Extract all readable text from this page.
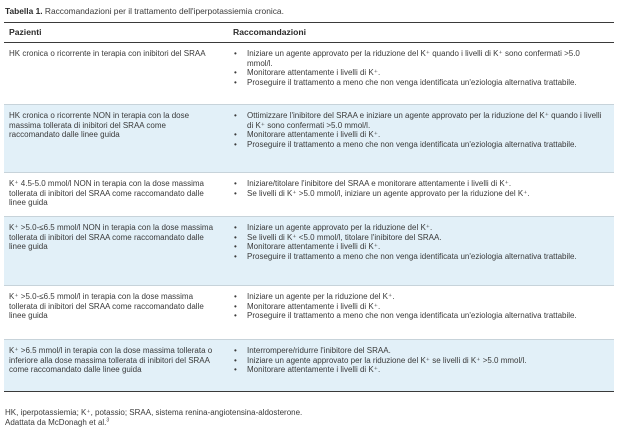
Tabella 1. Raccomandazioni per il trattamento dell'iperpotassiemia cronica.
Pazienti	Raccomandazioni
HK cronica o ricorrente in terapia con inibitori del SRAA	• Iniziare un agente approvato per la riduzione del K⁺ quando i livelli di K⁺ sono confermati >5.0 mmol/l.
• Monitorare attentamente i livelli di K⁺.
• Proseguire il trattamento a meno che non venga identificata un'eziologia alternativa trattabile.
HK cronica o ricorrente NON in terapia con la dose massima tollerata di inibitori del SRAA come raccomandato dalle linee guida
• Ottimizzare l'inibitore del SRAA e iniziare un agente approvato per la riduzione del K⁺ quando i livelli di K⁺ sono confermati >5.0 mmol/l.
• Monitorare attentamente i livelli di K⁺.
• Proseguire il trattamento a meno che non venga identificata un'eziologia alternativa trattabile.
K⁺ 4.5-5.0 mmol/l NON in terapia con la dose massima tollerata di inibitori del SRAA come raccomandato dalle linee guida
• Iniziare/titolare l'inibitore del SRAA e monitorare attentamente i livelli di K⁺.
• Se livelli di K⁺ >5.0 mmol/l, iniziare un agente approvato per la riduzione del K⁺.
K⁺ >5.0-≤6.5 mmol/l NON in terapia con la dose massima tollerata di inibitori del SRAA come raccomandato dalle linee guida
• Iniziare un agente approvato per la riduzione del K⁺.
• Se livelli di K⁺ <5.0 mmol/l, titolare l'inibitore del SRAA.
• Monitorare attentamente i livelli di K⁺.
• Proseguire il trattamento a meno che non venga identificata un'eziologia alternativa trattabile.
K⁺ >5.0-≤6.5 mmol/l in terapia con la dose massima tollerata di inibitori del SRAA come raccomandato dalle linee guida
• Iniziare un agente per la riduzione del K⁺.
• Monitorare attentamente i livelli di K⁺.
• Proseguire il trattamento a meno che non venga identificata un'eziologia alternativa trattabile.
K⁺ >6.5 mmol/l in terapia con la dose massima tollerata o inferiore alla dose massima tollerata di inibitori del SRAA come raccomandato dalle linee guida
• Interrompere/ridurre l'inibitore del SRAA.
• Iniziare un agente approvato per la riduzione del K⁺ se livelli di K⁺ >5.0 mmol/l.
• Monitorare attentamente i livelli di K⁺.
HK, iperpotassiemia; K⁺, potassio; SRAA, sistema renina-angiotensina-aldosterone.
Adattata da McDonagh et al.$^3$
